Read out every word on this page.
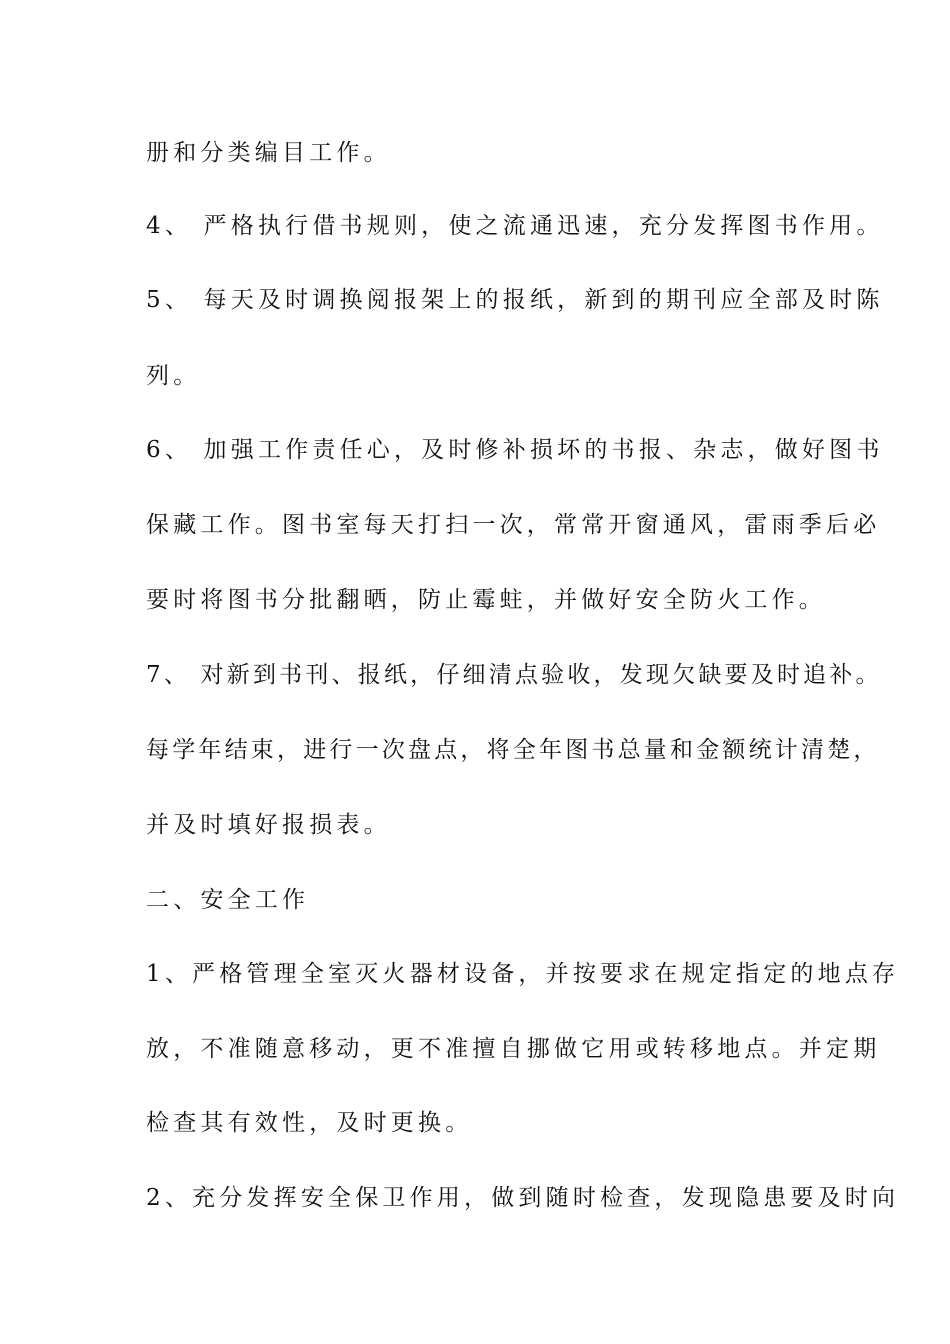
册和分类编目工作。
4、 严格执行借书规则，使之流通迅速，充分发挥图书作用。
5、 每天及时调换阅报架上的报纸，新到的期刊应全部及时陈
列。
6、 加强工作责任心，及时修补损坏的书报、杂志，做好图书
保藏工作。图书室每天打扫一次，常常开窗通风，雷雨季后必
要时将图书分批翻晒，防止霉蛀，并做好安全防火工作。
7、 对新到书刊、报纸，仔细清点验收，发现欠缺要及时追补。
每学年结束，进行一次盘点，将全年图书总量和金额统计清楚，
并及时填好报损表。
二、安全工作
1、严格管理全室灭火器材设备，并按要求在规定指定的地点存
放，不准随意移动，更不准擅自挪做它用或转移地点。并定期
检查其有效性，及时更换。
2、充分发挥安全保卫作用，做到随时检查，发现隐患要及时向
